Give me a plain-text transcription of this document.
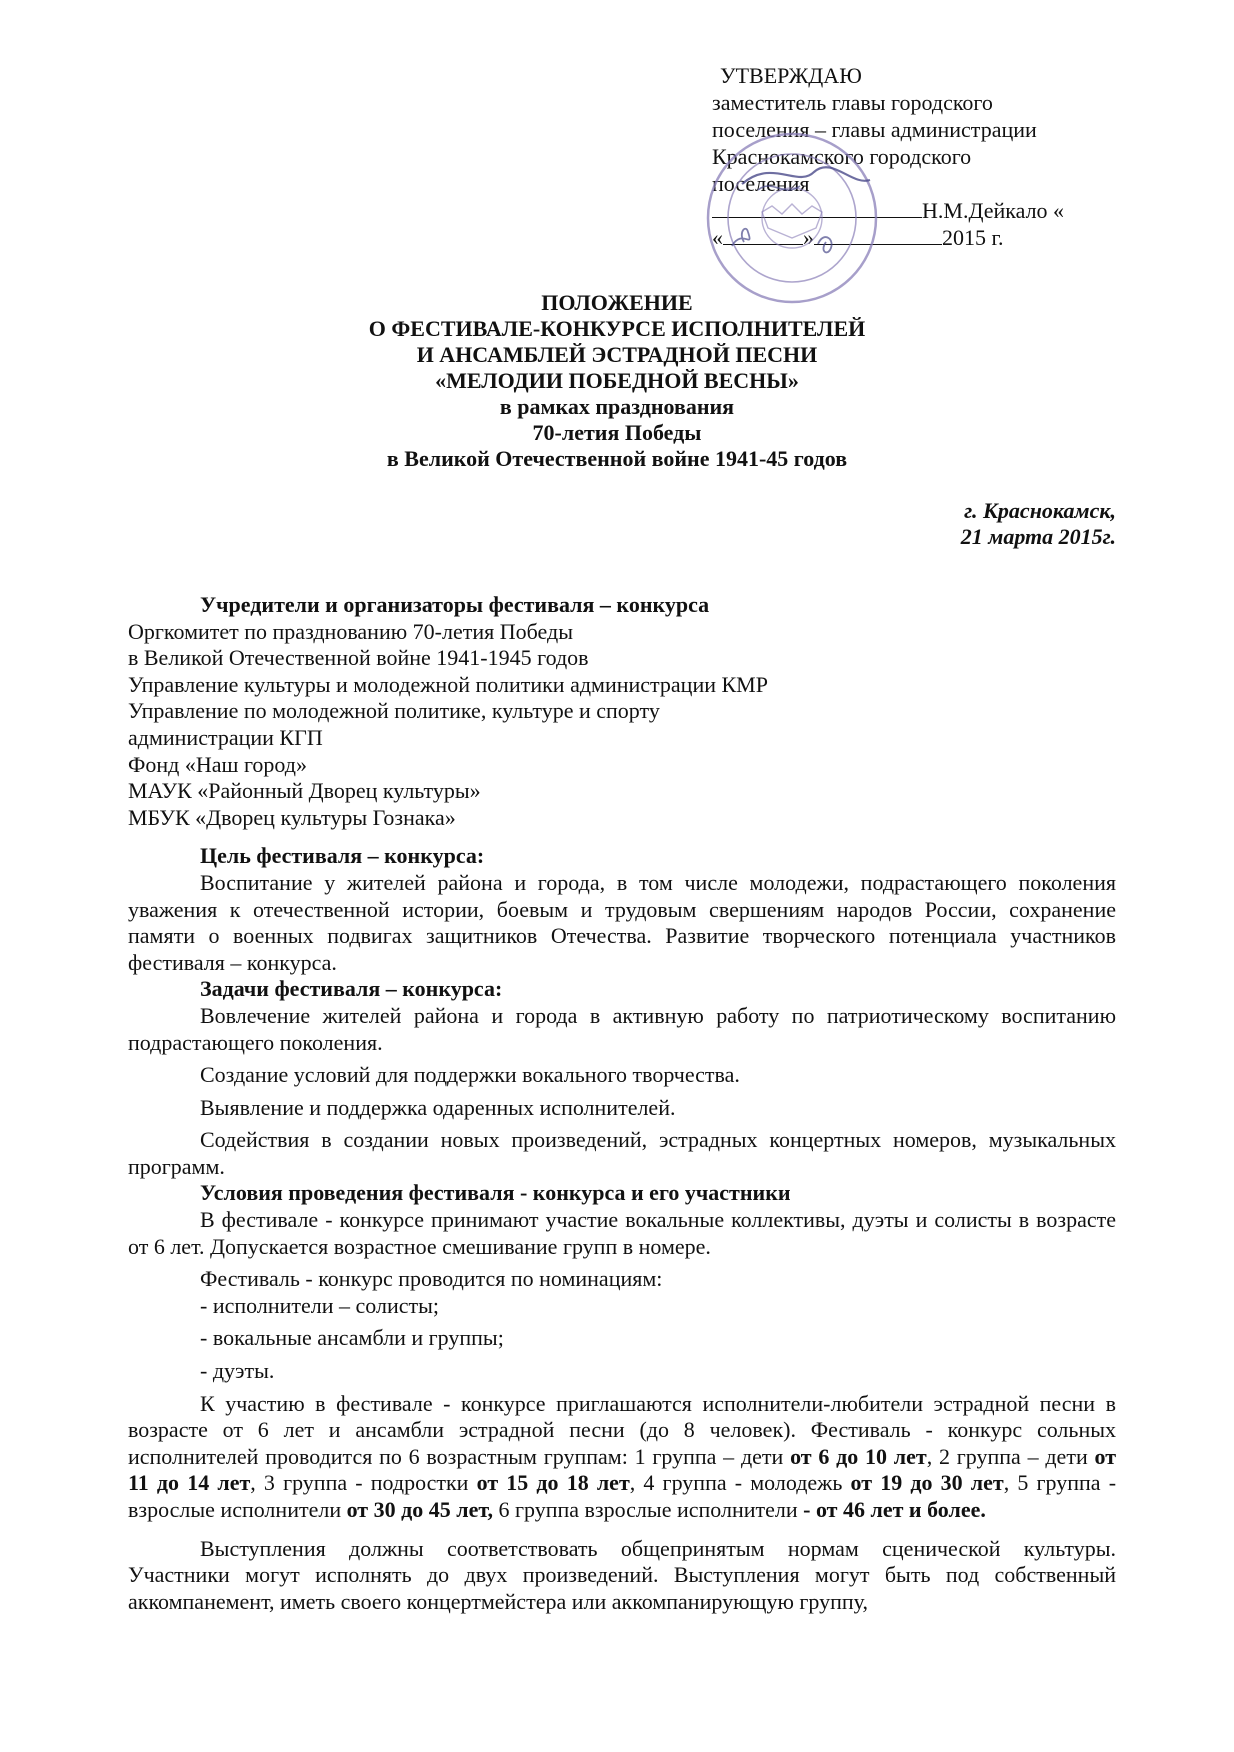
УТВЕРЖДАЮ
заместитель главы городского
поселения – главы администрации
Краснокамского городского
поселения
Н.М.Дейкало «
«	»	2015 г.
ПОЛОЖЕНИЕ
О ФЕСТИВАЛЕ-КОНКУРСЕ ИСПОЛНИТЕЛЕЙ
И АНСАМБЛЕЙ ЭСТРАДНОЙ ПЕСНИ
«МЕЛОДИИ ПОБЕДНОЙ ВЕСНЫ»
в рамках празднования
70-летия Победы
в Великой Отечественной войне 1941-45 годов
г. Краснокамск,
21 марта 2015г.
Учредители и организаторы фестиваля – конкурса
Оргкомитет по празднованию 70-летия Победы
в Великой Отечественной войне 1941-1945 годов
Управление культуры и молодежной политики администрации КМР
Управление по молодежной политике, культуре и спорту
администрации КГП
Фонд «Наш город»
МАУК «Районный Дворец культуры»
МБУК «Дворец культуры Гознака»
Цель фестиваля – конкурса:
Воспитание у жителей района и города, в том числе молодежи, подрастающего поколения уважения к отечественной истории, боевым и трудовым свершениям народов России, сохранение памяти о военных подвигах защитников Отечества. Развитие творческого потенциала участников фестиваля – конкурса.
Задачи фестиваля – конкурса:
Вовлечение жителей района и города в активную работу по патриотическому воспитанию подрастающего поколения.
Создание условий для поддержки вокального творчества.
Выявление и поддержка одаренных исполнителей.
Содействия в создании новых произведений, эстрадных концертных номеров, музыкальных программ.
Условия проведения фестиваля - конкурса и его участники
В фестивале - конкурсе принимают участие вокальные коллективы, дуэты и солисты в возрасте от 6 лет. Допускается возрастное смешивание групп в номере.
Фестиваль - конкурс проводится по номинациям:
- исполнители – солисты;
- вокальные ансамбли и группы;
- дуэты.
К участию в фестивале - конкурсе приглашаются исполнители-любители эстрадной песни в возрасте от 6 лет и ансамбли эстрадной песни (до 8 человек). Фестиваль - конкурс сольных исполнителей проводится по 6 возрастным группам: 1 группа – дети от 6 до 10 лет, 2 группа – дети от 11 до 14 лет, 3 группа - подростки от 15 до 18 лет, 4 группа - молодежь от 19 до 30 лет, 5 группа - взрослые исполнители от 30 до 45 лет, 6 группа взрослые исполнители - от 46 лет и более.
Выступления должны соответствовать общепринятым нормам сценической культуры. Участники могут исполнять до двух произведений. Выступления могут быть под собственный аккомпанемент, иметь своего концертмейстера или аккомпанирующую группу,
